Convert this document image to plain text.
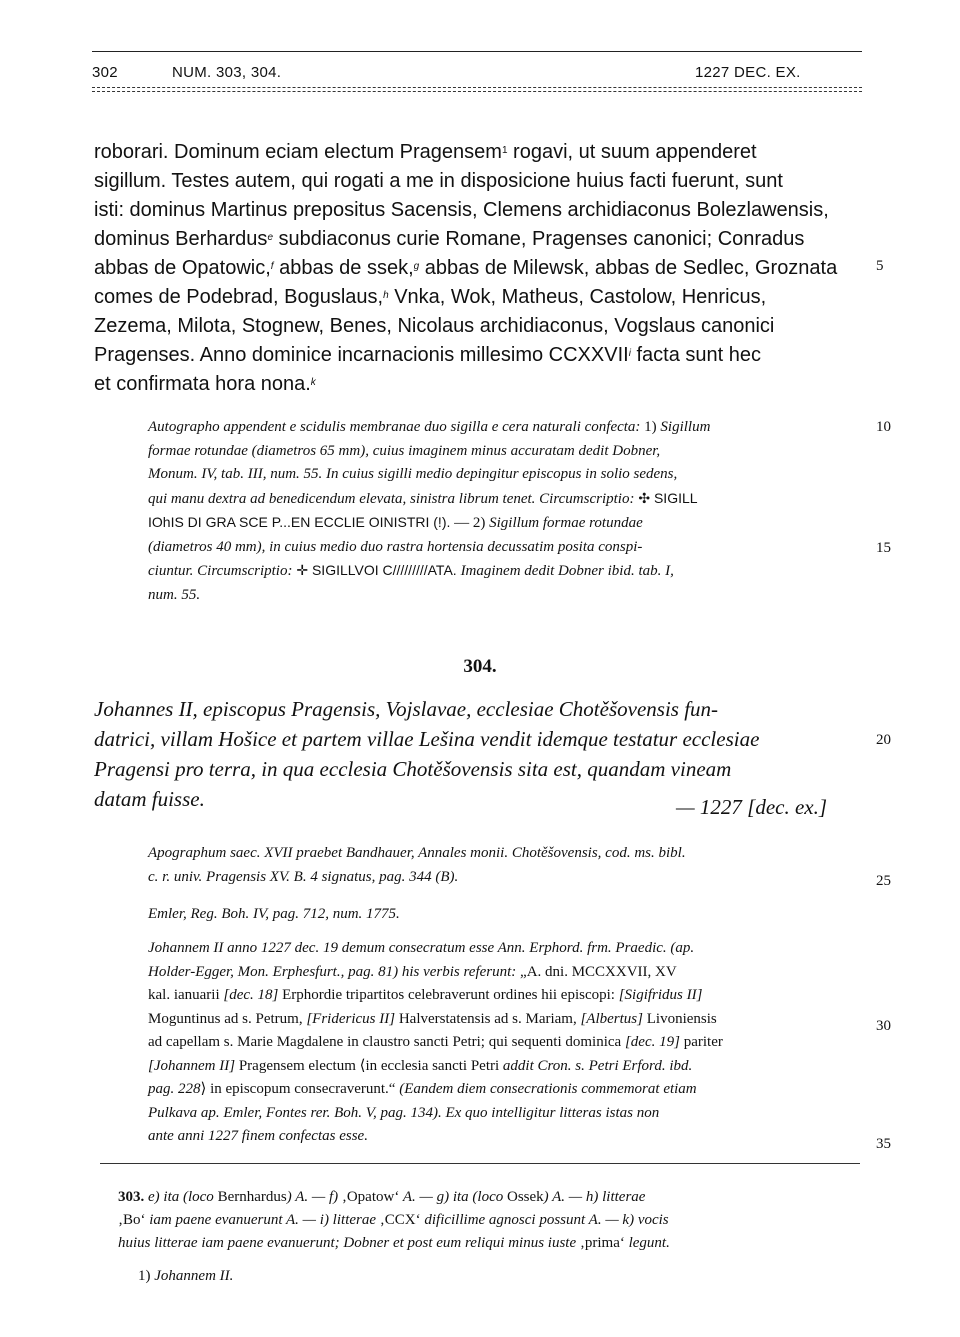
302	NUM. 303, 304.	1227 DEC. EX.

roborari. Dominum eciam electum Pragensem$^1$ rogavi, ut suum appenderet

sigillum. Testes autem, qui rogati a me in disposicione huius facti fuerunt, sunt

isti: dominus Martinus prepositus Sacensis, Clemens archidiaconus Bolezlawensis,

dominus Berhardus$^e$ subdiaconus curie Romane, Pragenses canonici; Conradus

abbas de Opatowic,$^f$ abbas de ssek,$^g$ abbas de Milewsk, abbas de Sedlec, Groznata

comes de Podebrad, Boguslaus,$^h$ Vnka, Wok, Matheus, Castolow, Henricus,

Zezema, Milota, Stognew, Benes, Nicolaus archidiaconus, Vogslaus canonici

Pragenses. Anno dominice incarnacionis millesimo CCXXVII$^i$ facta sunt hec

et confirmata hora nona.$^k$

5
10
15
20
25
30
35

Autographo appendent e scidulis membranae duo sigilla e cera naturali confecta: 1) Sigillum

formae rotundae (diametros 65 mm), cuius imaginem minus accuratam dedit Dobner,

Monum. IV, tab. III, num. 55. In cuius sigilli medio depingitur episcopus in solio sedens,

qui manu dextra ad benedicendum elevata, sinistra librum tenet. Circumscriptio: ✣ SIGILL

IOhIS DI GRA SCE P...EN ECCLIE OINISTRI (!). — 2) Sigillum formae rotundae

(diametros 40 mm), in cuius medio duo rastra hortensia decussatim posita conspi-

ciuntur. Circumscriptio: ✛ SIGILLVOI C/////////ATA. Imaginem dedit Dobner ibid. tab. I,

num. 55.

304.

Johannes II, episcopus Pragensis, Vojslavae, ecclesiae Chotěšovensis fun-

datrici, villam Hošice et partem villae Lešina vendit idemque testatur ecclesiae

Pragensi pro terra, in qua ecclesia Chotěšovensis sita est, quandam vineam

datam fuisse.	— 1227 [dec. ex.]

Apographum saec. XVII praebet Bandhauer, Annales monii. Chotěšovensis, cod. ms. bibl.

c. r. univ. Pragensis XV. B. 4 signatus, pag. 344 (B).

Emler, Reg. Boh. IV, pag. 712, num. 1775.

Johannem II anno 1227 dec. 19 demum consecratum esse Ann. Erphord. frm. Praedic. (ap.

Holder-Egger, Mon. Erphesfurt., pag. 81) his verbis referunt: „A. dni. MCCXXVII, XV

kal. ianuarii [dec. 18] Erphordie tripartitos celebraverunt ordines hii episcopi: [Sigifridus II]

Moguntinus ad s. Petrum, [Fridericus II] Halverstatensis ad s. Mariam, [Albertus] Livoniensis

ad capellam s. Marie Magdalene in claustro sancti Petri; qui sequenti dominica [dec. 19] pariter

[Johannem II] Pragensem electum ⟨in ecclesia sancti Petri addit Cron. s. Petri Erford. ibd.

pag. 228⟩ in episcopum consecraverunt.“ (Eandem diem consecrationis commemorat etiam

Pulkava ap. Emler, Fontes rer. Boh. V, pag. 134). Ex quo intelligitur litteras istas non

ante anni 1227 finem confectas esse.

303. e) ita (loco Bernhardus) A. — f) ‚Opatow‘ A. — g) ita (loco Ossek) A. — h) litterae

‚Bo‘ iam paene evanuerunt A. — i) litterae ‚CCX‘ dificillime agnosci possunt A. — k) vocis

huius litterae iam paene evanuerunt; Dobner et post eum reliqui minus iuste ‚prima‘ legunt.

1) Johannem II.
